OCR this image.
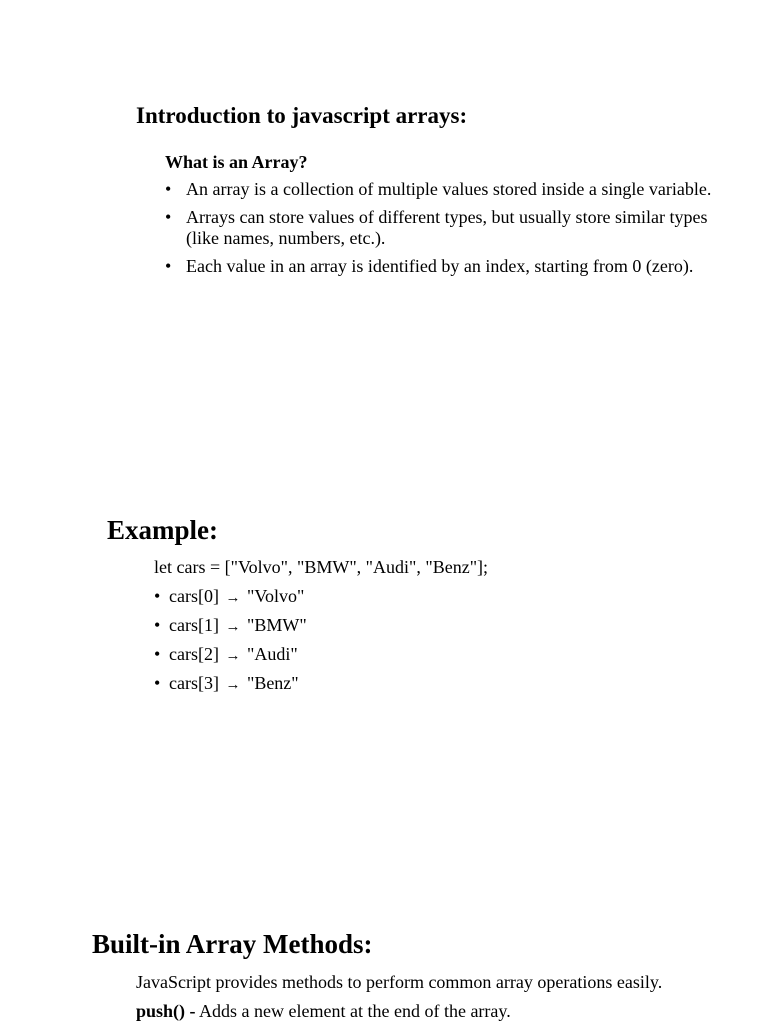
Introduction to javascript arrays:
What is an Array?
• An array is a collection of multiple values stored inside a single variable.
• Arrays can store values of different types, but usually store similar types (like names, numbers, etc.).
• Each value in an array is identified by an index, starting from 0 (zero).
Example:
let cars = ["Volvo", "BMW", "Audi", "Benz"];
• cars[0] → "Volvo"
• cars[1] → "BMW"
• cars[2] → "Audi"
• cars[3] → "Benz"
Built-in Array Methods:
JavaScript provides methods to perform common array operations easily.
push() - Adds a new element at the end of the array.
